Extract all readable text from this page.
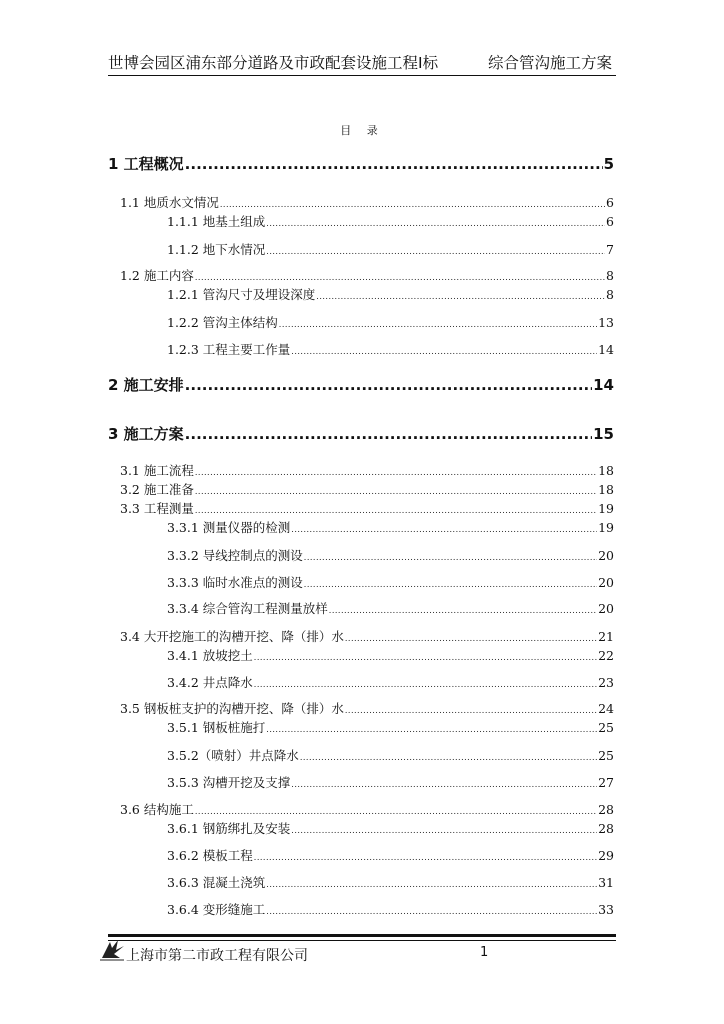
世博会园区浦东部分道路及市政配套设施工程Ⅰ标	综合管沟施工方案
目 录
1 工程概况 .....	5
1.1 地质水文情况 .....	6
1.1.1 地基土组成 .....	6
1.1.2 地下水情况 .....	7
1.2 施工内容 .....	8
1.2.1 管沟尺寸及埋设深度 .....	8
1.2.2 管沟主体结构 .....	13
1.2.3 工程主要工作量 .....	14
2 施工安排 .....	14
3 施工方案 .....	15
3.1 施工流程 .....	18
3.2 施工准备 .....	18
3.3 工程测量 .....	19
3.3.1 测量仪器的检测 .....	19
3.3.2 导线控制点的测设 .....	20
3.3.3 临时水准点的测设 .....	20
3.3.4 综合管沟工程测量放样 .....	20
3.4 大开挖施工的沟槽开挖、降（排）水 .....	21
3.4.1 放坡挖土 .....	22
3.4.2 井点降水 .....	23
3.5 钢板桩支护的沟槽开挖、降（排）水 .....	24
3.5.1 钢板桩施打 .....	25
3.5.2（喷射）井点降水 .....	25
3.5.3 沟槽开挖及支撑 .....	27
3.6 结构施工 .....	28
3.6.1 钢筋绑扎及安装 .....	28
3.6.2 模板工程 .....	29
3.6.3 混凝土浇筑 .....	31
3.6.4 变形缝施工 .....	33
上海市第二市政工程有限公司	1
